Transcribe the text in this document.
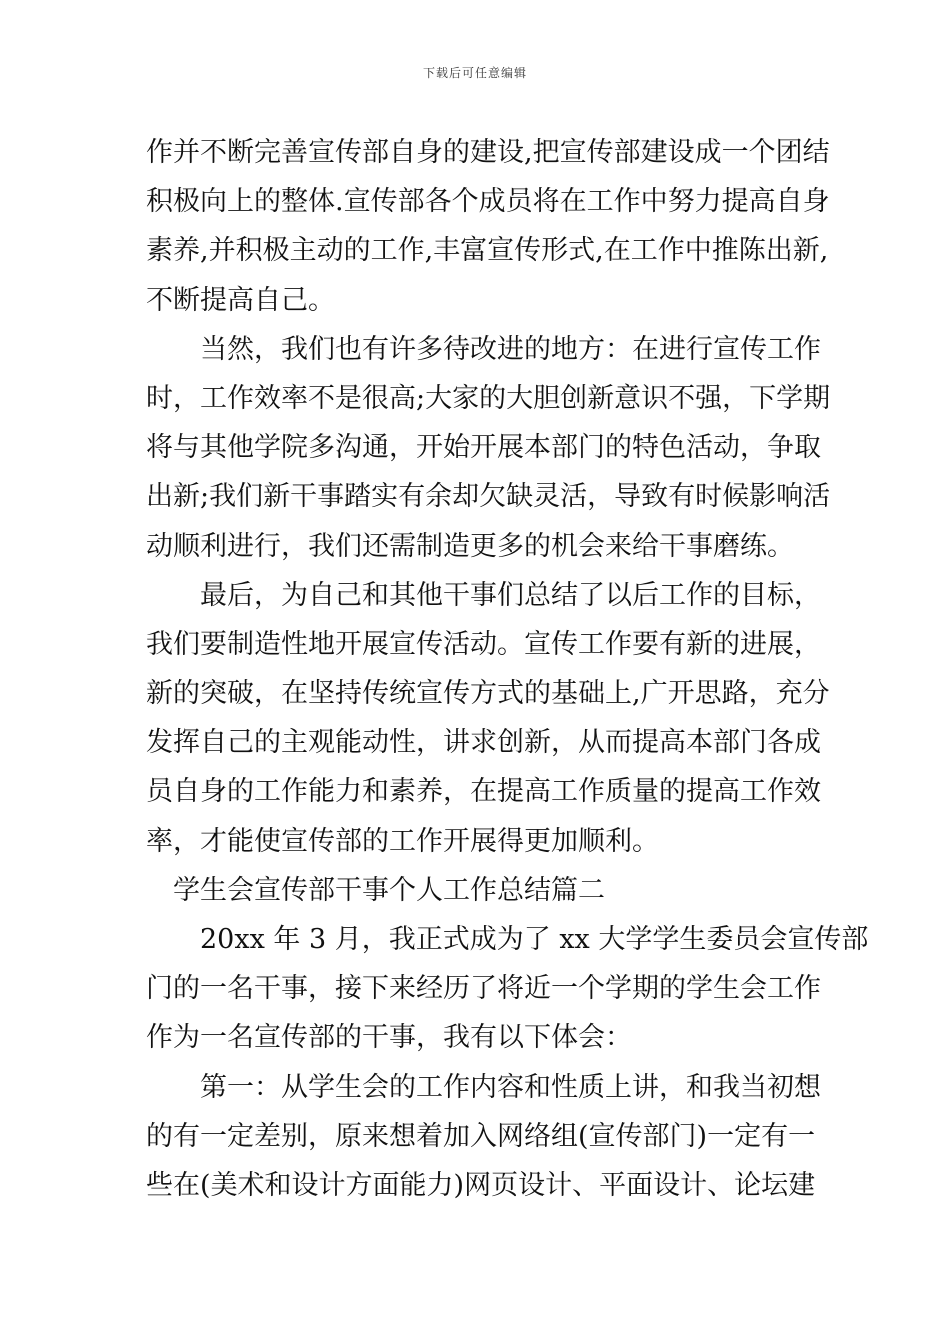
下载后可任意编辑
作并不断完善宣传部自身的建设,把宣传部建设成一个团结
积极向上的整体.宣传部各个成员将在工作中努力提高自身
素养,并积极主动的工作,丰富宣传形式,在工作中推陈出新,
不断提高自己。
当然，我们也有许多待改进的地方：在进行宣传工作
时，工作效率不是很高;大家的大胆创新意识不强，下学期
将与其他学院多沟通，开始开展本部门的特色活动，争取
出新;我们新干事踏实有余却欠缺灵活，导致有时候影响活
动顺利进行，我们还需制造更多的机会来给干事磨练。
最后，为自己和其他干事们总结了以后工作的目标，
我们要制造性地开展宣传活动。宣传工作要有新的进展，
新的突破，在坚持传统宣传方式的基础上,广开思路，充分
发挥自己的主观能动性，讲求创新，从而提高本部门各成
员自身的工作能力和素养，在提高工作质量的提高工作效
率，才能使宣传部的工作开展得更加顺利。
学生会宣传部干事个人工作总结篇二
20xx 年 3 月，我正式成为了 xx 大学学生委员会宣传部
门的一名干事，接下来经历了将近一个学期的学生会工作
作为一名宣传部的干事，我有以下体会：
第一：从学生会的工作内容和性质上讲，和我当初想
的有一定差别，原来想着加入网络组(宣传部门)一定有一
些在(美术和设计方面能力)网页设计、平面设计、论坛建
